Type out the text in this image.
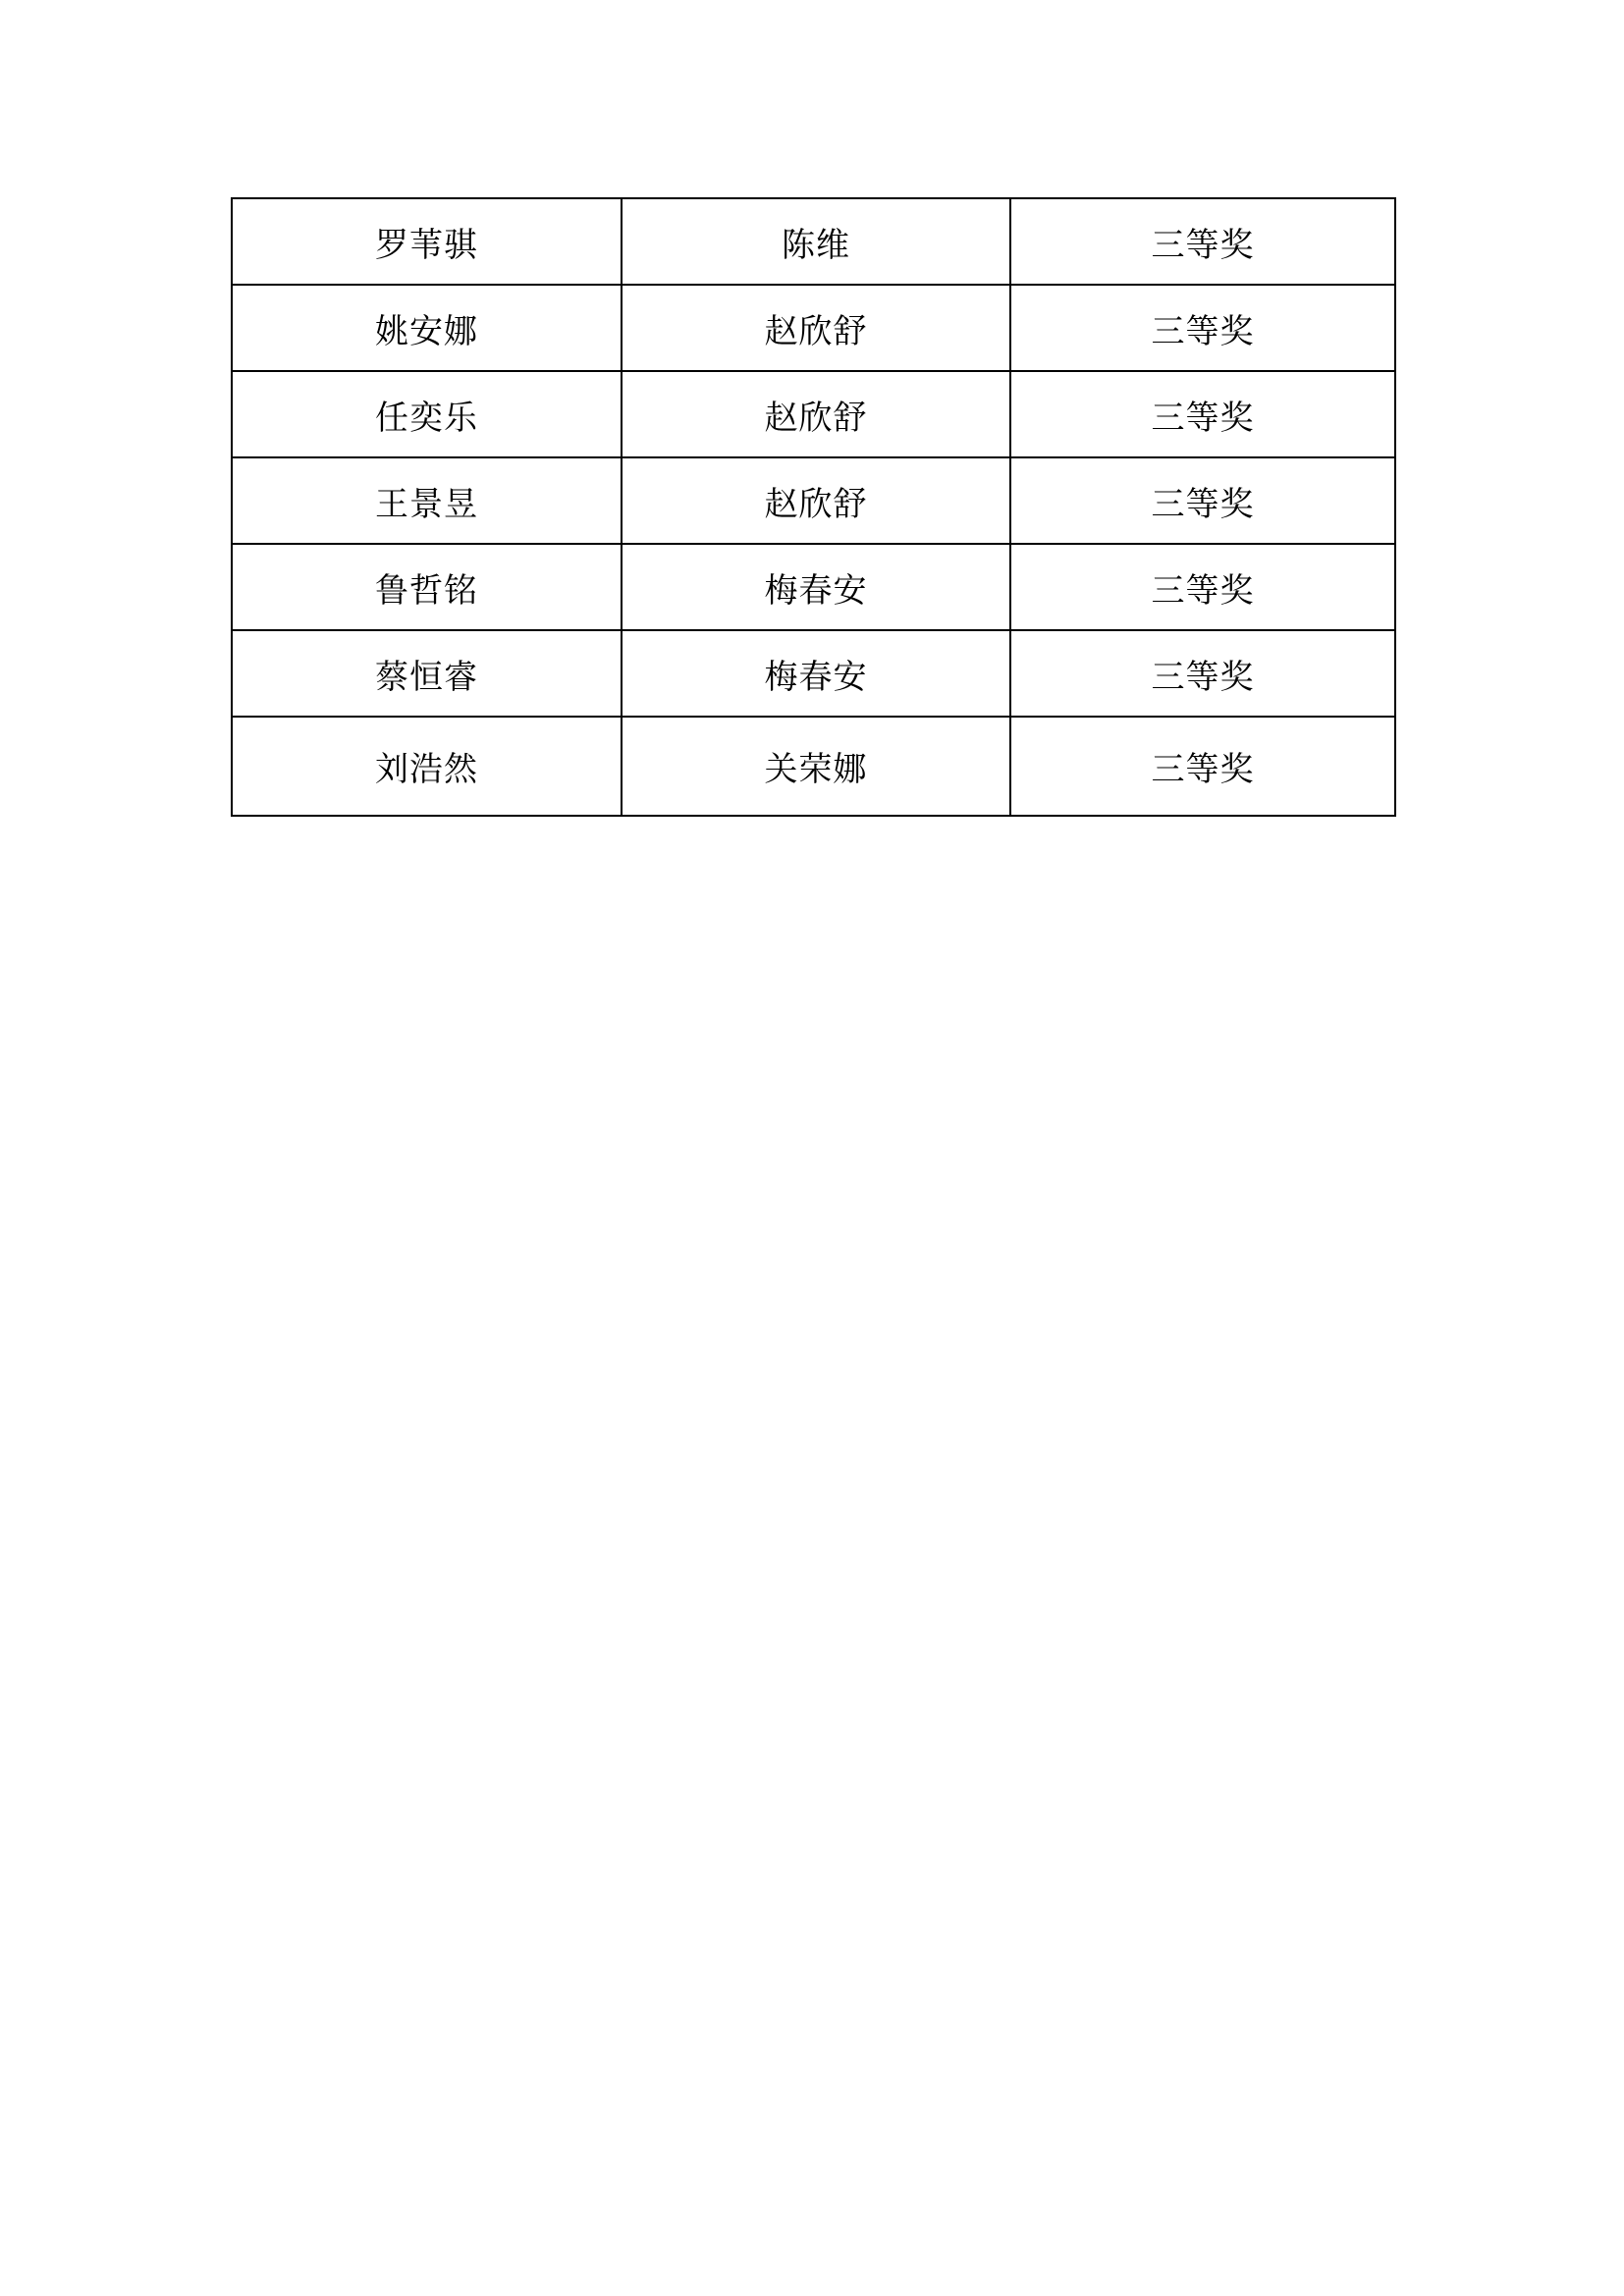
罗苇骐	陈维	三等奖
姚安娜	赵欣舒	三等奖
任奕乐	赵欣舒	三等奖
王景昱	赵欣舒	三等奖
鲁哲铭	梅春安	三等奖
蔡恒睿	梅春安	三等奖
刘浩然	关荣娜	三等奖
